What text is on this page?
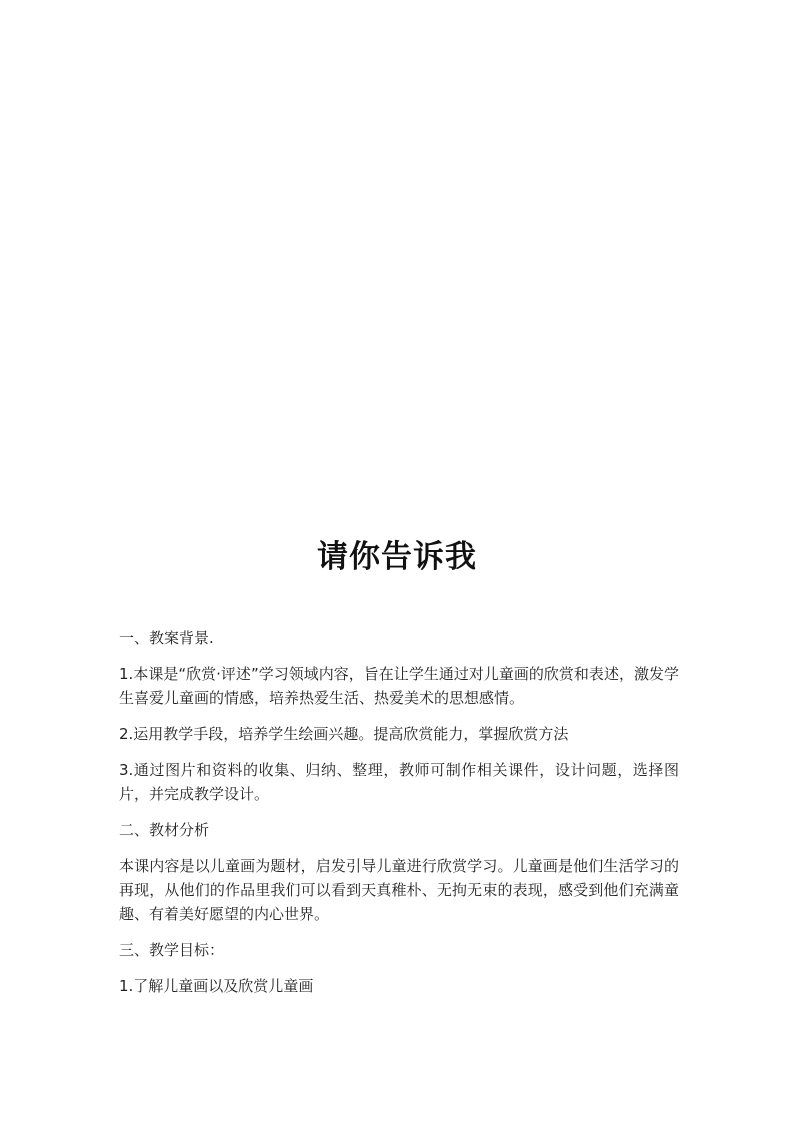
请你告诉我

一、教案背景.

1.本课是“欣赏·评述”学习领域内容，旨在让学生通过对儿童画的欣赏和表述，激发学生喜爱儿童画的情感，培养热爱生活、热爱美术的思想感情。

2.运用教学手段，培养学生绘画兴趣。提高欣赏能力，掌握欣赏方法

3.通过图片和资料的收集、归纳、整理，教师可制作相关课件，设计问题，选择图片，并完成教学设计。

二、教材分析

本课内容是以儿童画为题材，启发引导儿童进行欣赏学习。儿童画是他们生活学习的再现，从他们的作品里我们可以看到天真稚朴、无拘无束的表现，感受到他们充满童趣、有着美好愿望的内心世界。

三、教学目标：

1.了解儿童画以及欣赏儿童画
